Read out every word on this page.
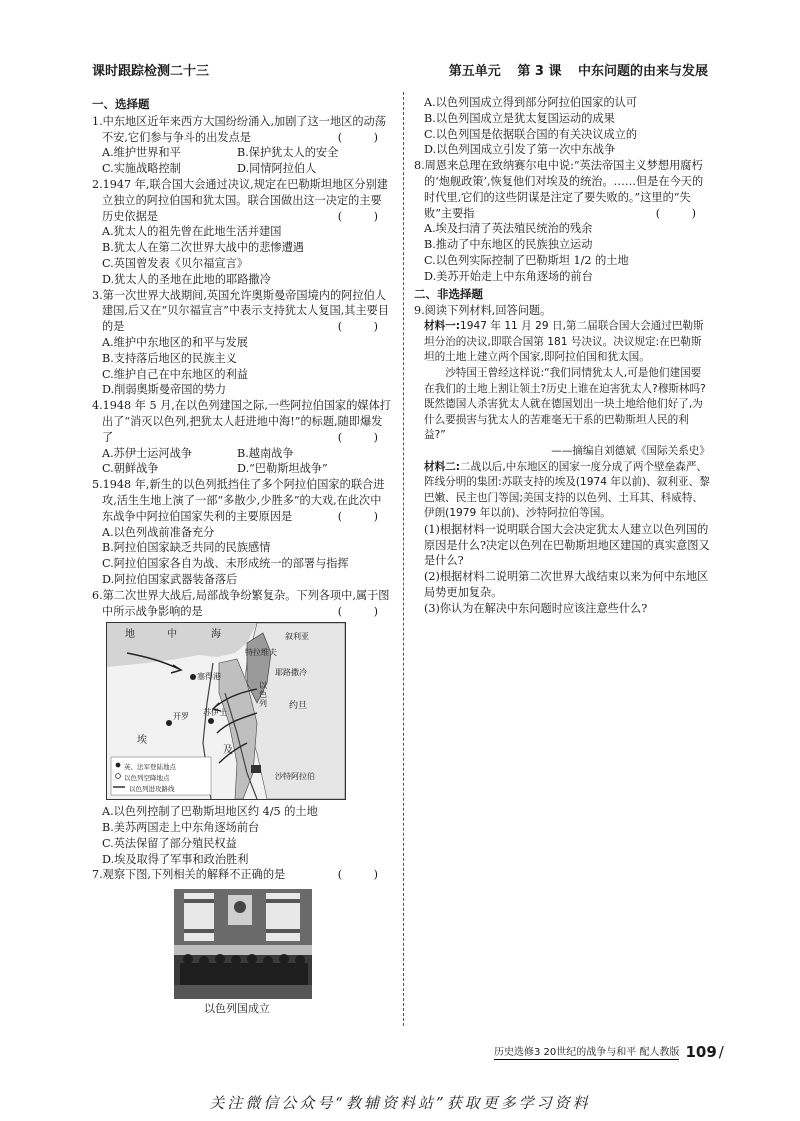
课时跟踪检测二十三	第五单元 第 3 课 中东问题的由来与发展
一、选择题
1.中东地区近年来西方大国纷纷涌入,加剧了这一地区的动荡不安,它们参与争斗的出发点是	( )
A.维护世界和平	B.保护犹太人的安全
C.实施战略控制	D.同情阿拉伯人
2.1947 年,联合国大会通过决议,规定在巴勒斯坦地区分别建立独立的阿拉伯国和犹太国。联合国做出这一决定的主要历史依据是	( )
A.犹太人的祖先曾在此地生活并建国
B.犹太人在第二次世界大战中的悲惨遭遇
C.英国曾发表《贝尔福宣言》
D.犹太人的圣地在此地的耶路撒冷
3.第一次世界大战期间,英国允许奥斯曼帝国境内的阿拉伯人建国,后又在“贝尔福宣言”中表示支持犹太人复国,其主要目的是	( )
A.维护中东地区的和平与发展
B.支持落后地区的民族主义
C.维护自己在中东地区的利益
D.削弱奥斯曼帝国的势力
4.1948 年 5 月,在以色列建国之际,一些阿拉伯国家的媒体打出了“消灭以色列,把犹太人赶进地中海!”的标题,随即爆发了	( )
A.苏伊士运河战争	B.越南战争
C.朝鲜战争	D.“巴勒斯坦战争”
5.1948 年,新生的以色列抵挡住了多个阿拉伯国家的联合进攻,活生生地上演了一部“多散少,少胜多”的大戏,在此次中东战争中阿拉伯国家失利的主要原因是	( )
A.以色列战前准备充分
B.阿拉伯国家缺乏共同的民族感情
C.阿拉伯国家各自为战、未形成统一的部署与指挥
D.阿拉伯国家武器装备落后
6.第二次世界大战后,局部战争纷繁复杂。下列各项中,属于图中所示战争影响的是	( )
地	中	海	叙利亚
特拉维夫
耶路撒冷
以色列 约旦
塞得港
开罗 苏伊士
埃
及
沙特阿拉伯
英、法军登陆地点
以色列空降地点
以色列进攻路线
A.以色列控制了巴勒斯坦地区约 4/5 的土地
B.美苏两国走上中东角逐场前台
C.英法保留了部分殖民权益
D.埃及取得了军事和政治胜利
7.观察下图,下列相关的解释不正确的是	( )
以色列国成立
A.以色列国成立得到部分阿拉伯国家的认可
B.以色列国成立是犹太复国运动的成果
C.以色列国是依据联合国的有关决议成立的
D.以色列国成立引发了第一次中东战争
8.周恩来总理在致纳赛尔电中说:“英法帝国主义梦想用腐朽的‘炮舰政策’,恢复他们对埃及的统治。……但是在今天的时代里,它们的这些阴谋是注定了要失败的。”这里的“失败”主要指	( )
A.埃及扫清了英法殖民统治的残余
B.推动了中东地区的民族独立运动
C.以色列实际控制了巴勒斯坦 1/2 的土地
D.美苏开始走上中东角逐场的前台
二、非选择题
9.阅读下列材料,回答问题。
材料一:1947 年 11 月 29 日,第二届联合国大会通过巴勒斯坦分治的决议,即联合国第 181 号决议。决议规定:在巴勒斯坦的土地上建立两个国家,即阿拉伯国和犹太国。
沙特国王曾经这样说:“我们同情犹太人,可是他们建国要在我们的土地上割让领土?历史上谁在迫害犹太人?穆斯林吗?既然德国人杀害犹太人就在德国划出一块土地给他们好了,为什么要损害与犹太人的苦难毫无干系的巴勒斯坦人民的利益?”
——摘编自刘德斌《国际关系史》
材料二:二战以后,中东地区的国家一度分成了两个壁垒森严、阵线分明的集团:苏联支持的埃及(1974 年以前)、叙利亚、黎巴嫩、民主也门等国;美国支持的以色列、土耳其、科威特、伊朗(1979 年以前)、沙特阿拉伯等国。
(1)根据材料一说明联合国大会决定犹太人建立以色列国的原因是什么?决定以色列在巴勒斯坦地区建国的真实意图又是什么?
(2)根据材料二说明第二次世界大战结束以来为何中东地区局势更加复杂。
(3)你认为在解决中东问题时应该注意些什么?
历史选修3 20世纪的战争与和平 配人教版 109 /
关注微信公众号“教辅资料站”获取更多学习资料
